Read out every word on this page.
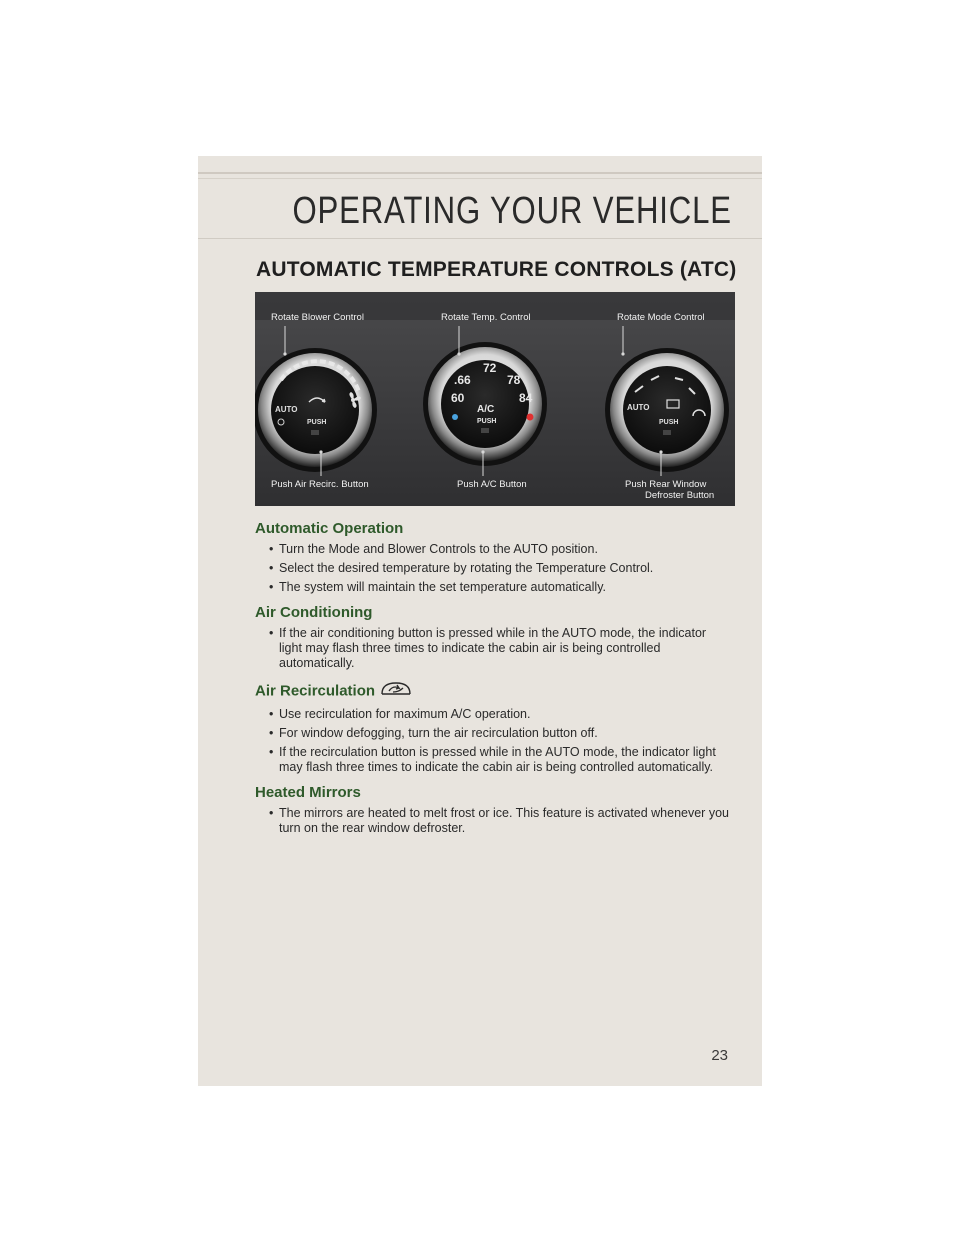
OPERATING YOUR VEHICLE
AUTOMATIC TEMPERATURE CONTROLS (ATC)
AUTO
PUSH
.66
72
78
60	84
A/C
PUSH
AUTO
PUSH
Rotate Blower Control	Rotate Temp. Control	Rotate Mode Control
Push Air Recirc. Button	Push A/C Button	Push Rear Window
Defroster Button
Automatic Operation
• Turn the Mode and Blower Controls to the AUTO position.
• Select the desired temperature by rotating the Temperature Control.
• The system will maintain the set temperature automatically.
Air Conditioning
• If the air conditioning button is pressed while in the AUTO mode, the indicator light may flash three times to indicate the cabin air is being controlled automatically.
Air Recirculation
• Use recirculation for maximum A/C operation.
• For window defogging, turn the air recirculation button off.
• If the recirculation button is pressed while in the AUTO mode, the indicator light may flash three times to indicate the cabin air is being controlled automatically.
Heated Mirrors
• The mirrors are heated to melt frost or ice. This feature is activated whenever you turn on the rear window defroster.
23
